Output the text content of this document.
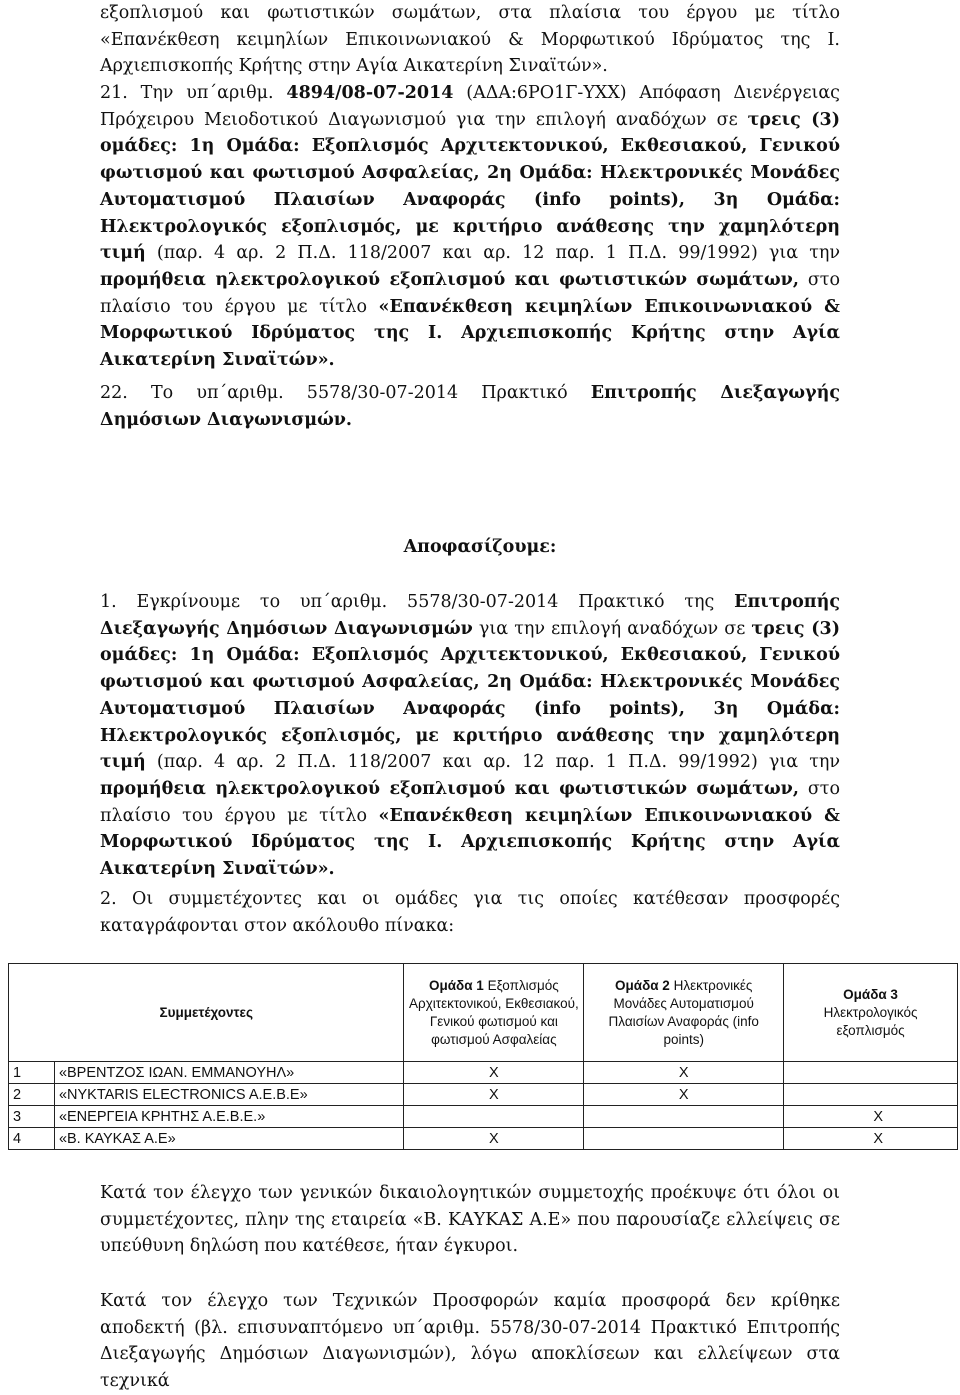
εξοπλισμού και φωτιστικών σωμάτων, στα πλαίσια του έργου με τίτλο «Επανέκθεση κειμηλίων Επικοινωνιακού & Μορφωτικού Ιδρύματος της Ι. Αρχιεπισκοπής Κρήτης στην Αγία Αικατερίνη Σιναϊτών».

21. Την υπ΄αριθμ. 4894/08-07-2014 (ΑΔΑ:6ΡΟ1Γ-ΥΧΧ) Απόφαση Διενέργειας Πρόχειρου Μειοδοτικού Διαγωνισμού για την επιλογή αναδόχων σε τρεις (3) ομάδες: 1η Ομάδα: Εξοπλισμός Αρχιτεκτονικού, Εκθεσιακού, Γενικού φωτισμού και φωτισμού Ασφαλείας, 2η Ομάδα: Ηλεκτρονικές Μονάδες Αυτοματισμού Πλαισίων Αναφοράς (info points), 3η Ομάδα: Ηλεκτρολογικός εξοπλισμός, με κριτήριο ανάθεσης την χαμηλότερη τιμή (παρ. 4 αρ. 2 Π.Δ. 118/2007 και αρ. 12 παρ. 1 Π.Δ. 99/1992) για την προμήθεια ηλεκτρολογικού εξοπλισμού και φωτιστικών σωμάτων, στο πλαίσιο του έργου με τίτλο «Επανέκθεση κειμηλίων Επικοινωνιακού & Μορφωτικού Ιδρύματος της Ι. Αρχιεπισκοπής Κρήτης στην Αγία Αικατερίνη Σιναϊτών».

22. Το υπ΄αριθμ. 5578/30-07-2014 Πρακτικό Επιτροπής Διεξαγωγής Δημόσιων Διαγωνισμών.

Αποφασίζουμε:

1. Εγκρίνουμε το υπ΄αριθμ. 5578/30-07-2014 Πρακτικό της Επιτροπής Διεξαγωγής Δημόσιων Διαγωνισμών για την επιλογή αναδόχων σε τρεις (3) ομάδες: 1η Ομάδα: Εξοπλισμός Αρχιτεκτονικού, Εκθεσιακού, Γενικού φωτισμού και φωτισμού Ασφαλείας, 2η Ομάδα: Ηλεκτρονικές Μονάδες Αυτοματισμού Πλαισίων Αναφοράς (info points), 3η Ομάδα: Ηλεκτρολογικός εξοπλισμός, με κριτήριο ανάθεσης την χαμηλότερη τιμή (παρ. 4 αρ. 2 Π.Δ. 118/2007 και αρ. 12 παρ. 1 Π.Δ. 99/1992) για την προμήθεια ηλεκτρολογικού εξοπλισμού και φωτιστικών σωμάτων, στο πλαίσιο του έργου με τίτλο «Επανέκθεση κειμηλίων Επικοινωνιακού & Μορφωτικού Ιδρύματος της Ι. Αρχιεπισκοπής Κρήτης στην Αγία Αικατερίνη Σιναϊτών».

2. Οι συμμετέχοντες και οι ομάδες για τις οποίες κατέθεσαν προσφορές καταγράφονται στον ακόλουθο πίνακα:

Συμμετέχοντες		Ομάδα 1 Εξοπλισμός Αρχιτεκτονικού, Εκθεσιακού, Γενικού φωτισμού και φωτισμού Ασφαλείας	Ομάδα 2 Ηλεκτρονικές Μονάδες Αυτοματισμού Πλαισίων Αναφοράς (info points)	Ομάδα 3
Ηλεκτρολογικός εξοπλισμός
1	«ΒΡΕΝΤΖΟΣ ΙΩΑΝ. ΕΜΜΑΝΟΥΗΛ»	Χ	Χ	
2	«NYKTARIS ELECTRONICS A.E.B.E»	Χ	Χ	
3	«ΕΝΕΡΓΕΙΑ ΚΡΗΤΗΣ Α.Ε.Β.Ε.»			Χ
4	«Β. ΚΑΥΚΑΣ Α.Ε»	Χ		Χ

Κατά τον έλεγχο των γενικών δικαιολογητικών συμμετοχής προέκυψε ότι όλοι οι συμμετέχοντες, πλην της εταιρεία «Β. ΚΑΥΚΑΣ Α.Ε» που παρουσίαζε ελλείψεις σε υπεύθυνη δηλώση που κατέθεσε, ήταν έγκυροι.

Κατά τον έλεγχο των Τεχνικών Προσφορών καμία προσφορά δεν κρίθηκε αποδεκτή (βλ. επισυναπτόμενο υπ΄αριθμ. 5578/30-07-2014 Πρακτικό Επιτροπής Διεξαγωγής Δημόσιων Διαγωνισμών), λόγω αποκλίσεων και ελλείψεων στα τεχνικά
